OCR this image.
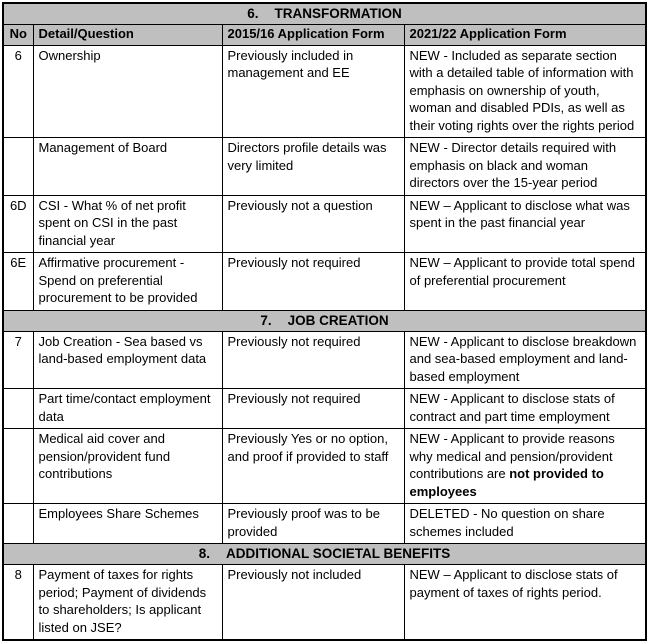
6. TRANSFORMATION			
No	Detail/Question	2015/16 Application Form	2021/22 Application Form
6	Ownership	Previously included in management and EE	NEW - Included as separate section with a detailed table of information with emphasis on ownership of youth, woman and disabled PDIs, as well as their voting rights over the rights period
	Management of Board	Directors profile details was very limited	NEW - Director details required with emphasis on black and woman directors over the 15-year period
6D	CSI - What % of net profit spent on CSI in the past financial year	Previously not a question	NEW – Applicant to disclose what was spent in the past financial year
6E	Affirmative procurement - Spend on preferential procurement to be provided	Previously not required	NEW – Applicant to provide total spend of preferential procurement
7. JOB CREATION			
7	Job Creation - Sea based vs land-based employment data	Previously not required	NEW - Applicant to disclose breakdown and sea-based employment and land-based employment
	Part time/contact employment data	Previously not required	NEW - Applicant to disclose stats of contract and part time employment
	Medical aid cover and pension/provident fund contributions	Previously Yes or no option, and proof if provided to staff	NEW - Applicant to provide reasons why medical and pension/provident contributions are not provided to employees
	Employees Share Schemes	Previously proof was to be provided	DELETED - No question on share schemes included
8. ADDITIONAL SOCIETAL BENEFITS			
8	Payment of taxes for rights period; Payment of dividends to shareholders; Is applicant listed on JSE?	Previously not included	NEW – Applicant to disclose stats of payment of taxes of rights period.
